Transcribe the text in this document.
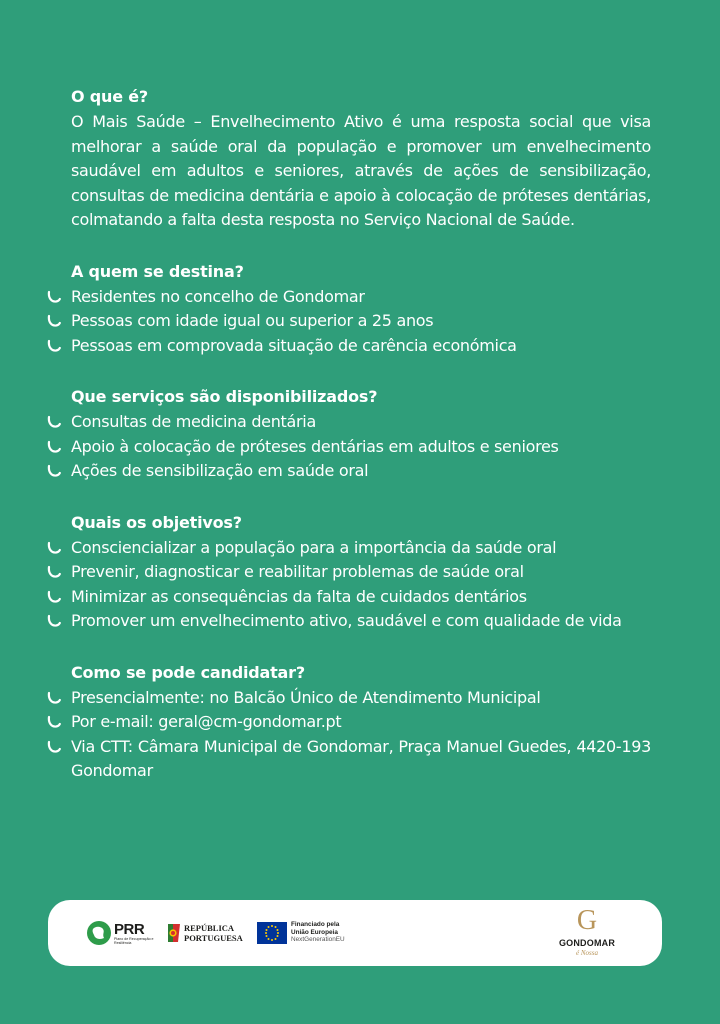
O que é?

O Mais Saúde – Envelhecimento Ativo é uma resposta social que visa melhorar a saúde oral da população e promover um envelhecimento saudável em adultos e seniores, através de ações de sensibilização, consultas de medicina dentária e apoio à colocação de próteses dentárias, colmatando a falta desta resposta no Serviço Nacional de Saúde.

A quem se destina?
Residentes no concelho de Gondomar
Pessoas com idade igual ou superior a 25 anos
Pessoas em comprovada situação de carência económica
Que serviços são disponibilizados?
Consultas de medicina dentária
Apoio à colocação de próteses dentárias em adultos e seniores
Ações de sensibilização em saúde oral
Quais os objetivos?
Consciencializar a população para a importância da saúde oral
Prevenir, diagnosticar e reabilitar problemas de saúde oral
Minimizar as consequências da falta de cuidados dentários
Promover um envelhecimento ativo, saudável e com qualidade de vida
Como se pode candidatar?
Presencialmente: no Balcão Único de Atendimento Municipal
Por e-mail: geral@cm-gondomar.pt
Via CTT: Câmara Municipal de Gondomar, Praça Manuel Guedes, 4420-193 Gondomar
PRR
Plano de Recuperação e Resiliência
REPÚBLICA
PORTUGUESA
Financiado pela
União Europeia
NextGenerationEU
G
GONDOMAR
é Nossa
